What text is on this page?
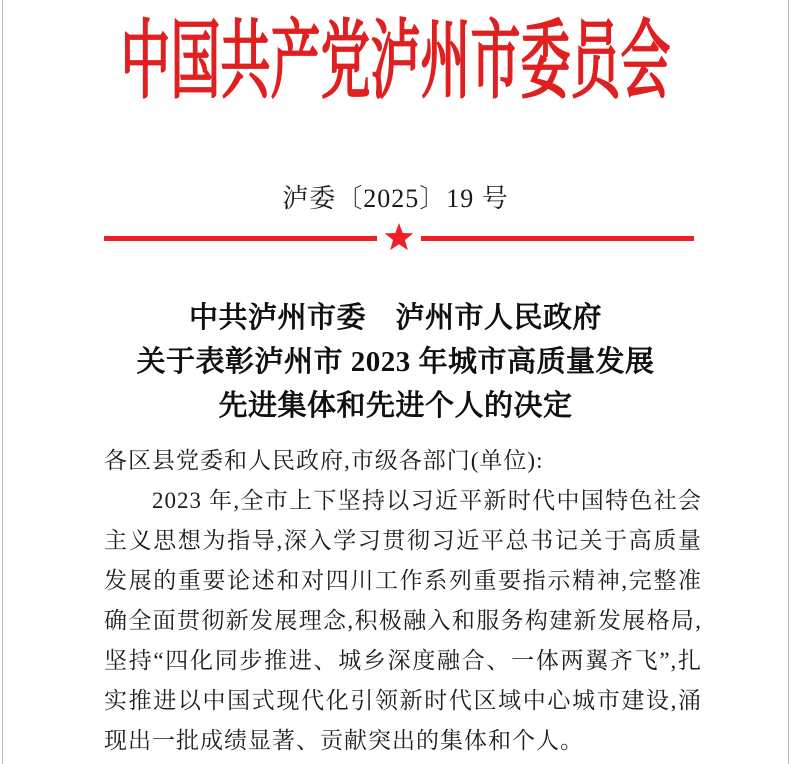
中国共产党泸州市委员会
泸委〔2025〕19 号
中共泸州市委　泸州市人民政府
关于表彰泸州市 2023 年城市高质量发展
先进集体和先进个人的决定

各区县党委和人民政府,市级各部门(单位):

2023 年,全市上下坚持以习近平新时代中国特色社会主义思想为指导,深入学习贯彻习近平总书记关于高质量发展的重要论述和对四川工作系列重要指示精神,完整准确全面贯彻新发展理念,积极融入和服务构建新发展格局,坚持“四化同步推进、城乡深度融合、一体两翼齐飞”,扎实推进以中国式现代化引领新时代区域中心城市建设,涌现出一批成绩显著、贡献突出的集体和个人。
